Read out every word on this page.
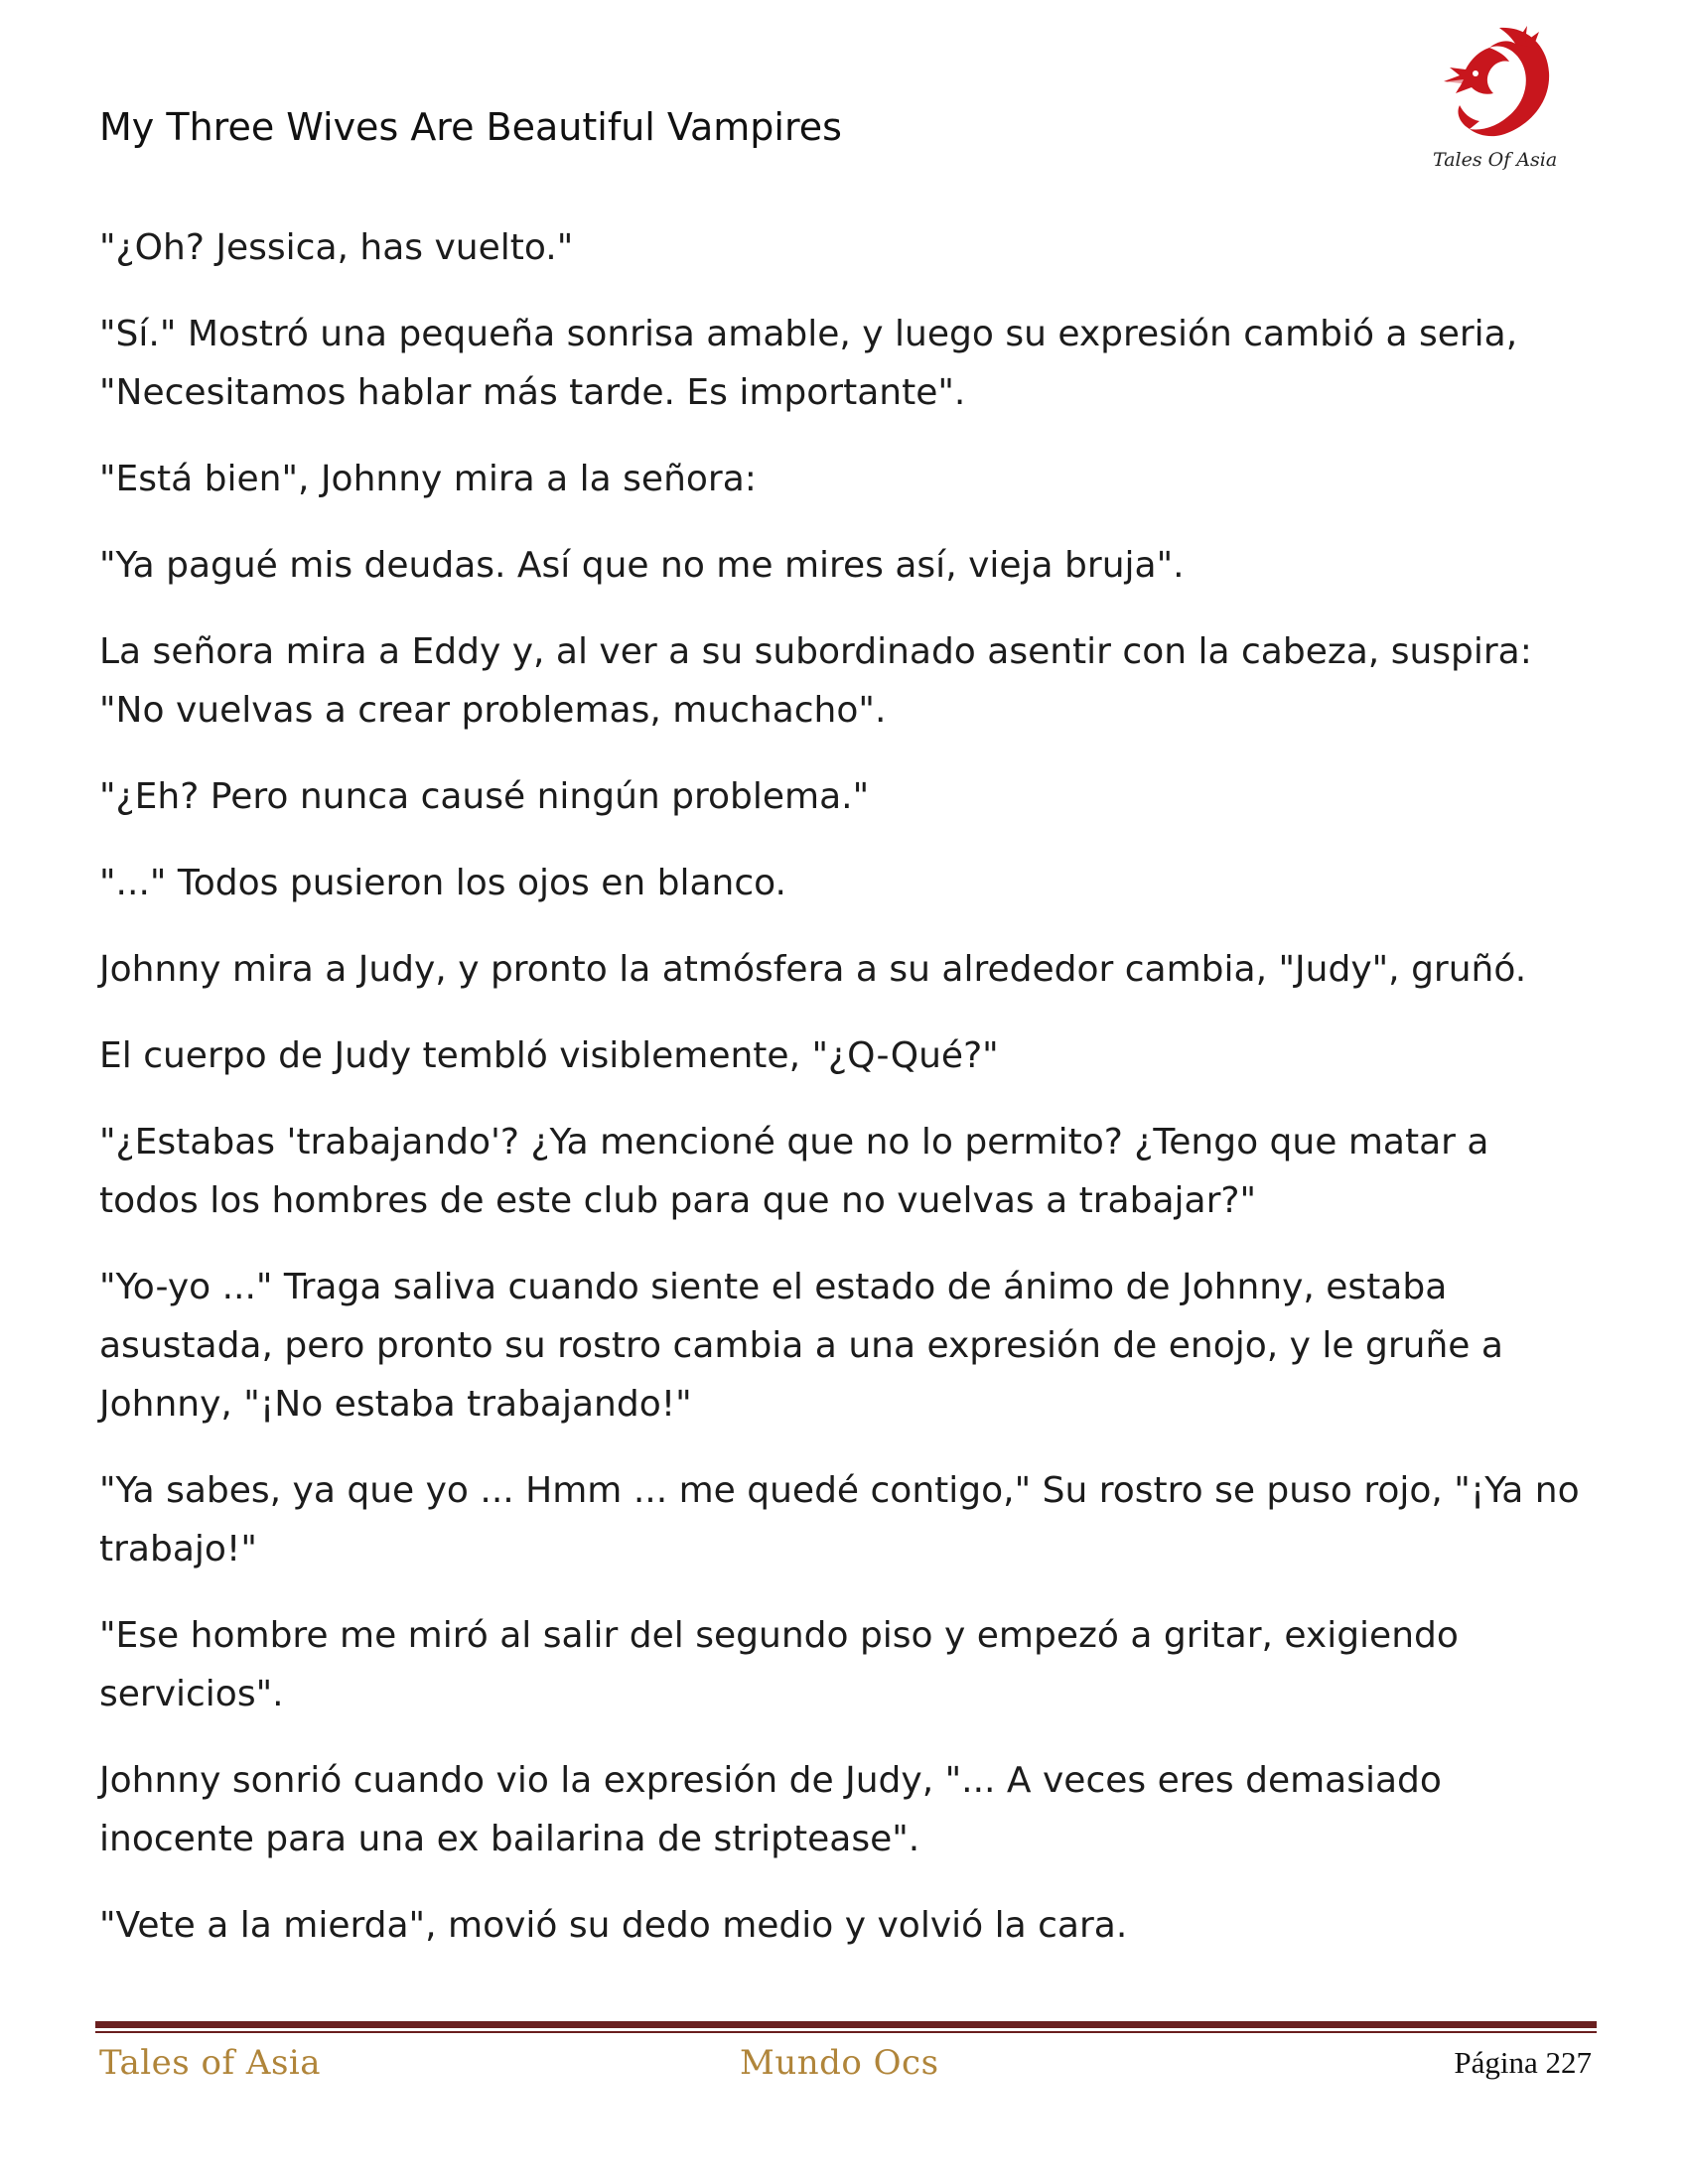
My Three Wives Are Beautiful Vampires
Tales Of Asia

"¿Oh? Jessica, has vuelto."

"Sí." Mostró una pequeña sonrisa amable, y luego su expresión cambió a seria, "Necesitamos hablar más tarde. Es importante".

"Está bien", Johnny mira a la señora:

"Ya pagué mis deudas. Así que no me mires así, vieja bruja".

La señora mira a Eddy y, al ver a su subordinado asentir con la cabeza, suspira: "No vuelvas a crear problemas, muchacho".

"¿Eh? Pero nunca causé ningún problema."

"..." Todos pusieron los ojos en blanco.

Johnny mira a Judy, y pronto la atmósfera a su alrededor cambia, "Judy", gruñó.

El cuerpo de Judy tembló visiblemente, "¿Q-Qué?"

"¿Estabas 'trabajando'? ¿Ya mencioné que no lo permito? ¿Tengo que matar a todos los hombres de este club para que no vuelvas a trabajar?"

"Yo-yo ..." Traga saliva cuando siente el estado de ánimo de Johnny, estaba asustada, pero pronto su rostro cambia a una expresión de enojo, y le gruñe a Johnny, "¡No estaba trabajando!"

"Ya sabes, ya que yo ... Hmm ... me quedé contigo," Su rostro se puso rojo, "¡Ya no trabajo!"

"Ese hombre me miró al salir del segundo piso y empezó a gritar, exigiendo servicios".

Johnny sonrió cuando vio la expresión de Judy, "... A veces eres demasiado inocente para una ex bailarina de striptease".

"Vete a la mierda", movió su dedo medio y volvió la cara.

Tales of Asia	Mundo Ocs	Página 227
